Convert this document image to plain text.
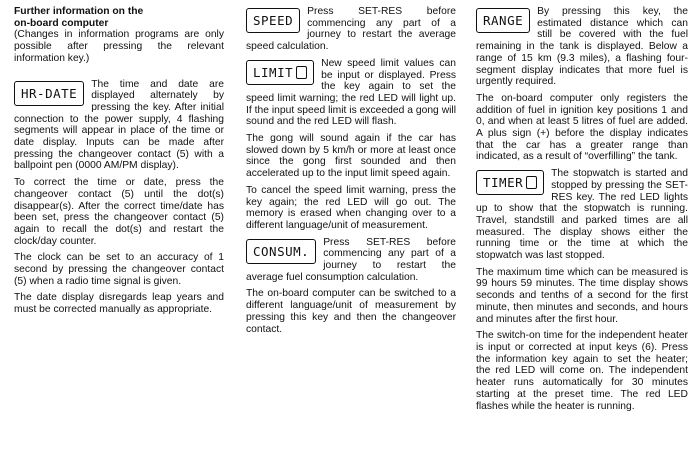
Further information on the

on-board computer

(Changes in information programs are only possible after pressing the relevant information key.)

HR-DATE
The time and date are displayed alternately by pressing the key. After initial connection to the power supply, 4 flashing segments will appear in place of the time or date display. Inputs can be made after pressing the changeover contact (5) with a ballpoint pen (0000 AM/PM display).

To correct the time or date, press the changeover contact (5) until the dot(s) disappear(s). After the correct time/date has been set, press the changeover contact (5) again to recall the dot(s) and restart the clock/day counter.

The clock can be set to an accuracy of 1 second by pressing the changeover contact (5) when a radio time signal is given.

The date display disregards leap years and must be corrected manually as appropriate.

SPEED
Press SET-RES before commencing any part of a journey to restart the average speed calculation.

LIMIT
New speed limit values can be input or displayed. Press the key again to set the speed limit warning; the red LED will light up. If the input speed limit is exceeded a gong will sound and the red LED will flash.

The gong will sound again if the car has slowed down by 5 km/h or more at least once since the gong first sounded and then accelerated up to the input limit speed again.

To cancel the speed limit warning, press the key again; the red LED will go out. The memory is erased when changing over to a different language/unit of measurement.

CONSUM.
Press SET-RES before commencing any part of a journey to restart the average fuel consumption calculation.

The on-board computer can be switched to a different language/unit of measurement by pressing this key and then the changeover contact.

RANGE
By pressing this key, the estimated distance which can still be covered with the fuel remaining in the tank is displayed. Below a range of 15 km (9.3 miles), a flashing four-segment display indicates that more fuel is urgently required.

The on-board computer only registers the addition of fuel in ignition key positions 1 and 0, and when at least 5 litres of fuel are added. A plus sign (+) before the display indicates that the car has a greater range than indicated, as a result of “overfilling” the tank.

TIMER
The stopwatch is started and stopped by pressing the SET-RES key. The red LED lights up to show that the stopwatch is running. Travel, standstill and parked times are all measured. The display shows either the running time or the time at which the stopwatch was last stopped.

The maximum time which can be measured is 99 hours 59 minutes. The time display shows seconds and tenths of a second for the first minute, then minutes and seconds, and hours and minutes after the first hour.

The switch-on time for the independent heater is input or corrected at input keys (6). Press the information key again to set the heater; the red LED will come on. The independent heater runs automatically for 30 minutes starting at the preset time. The red LED flashes while the heater is running.
